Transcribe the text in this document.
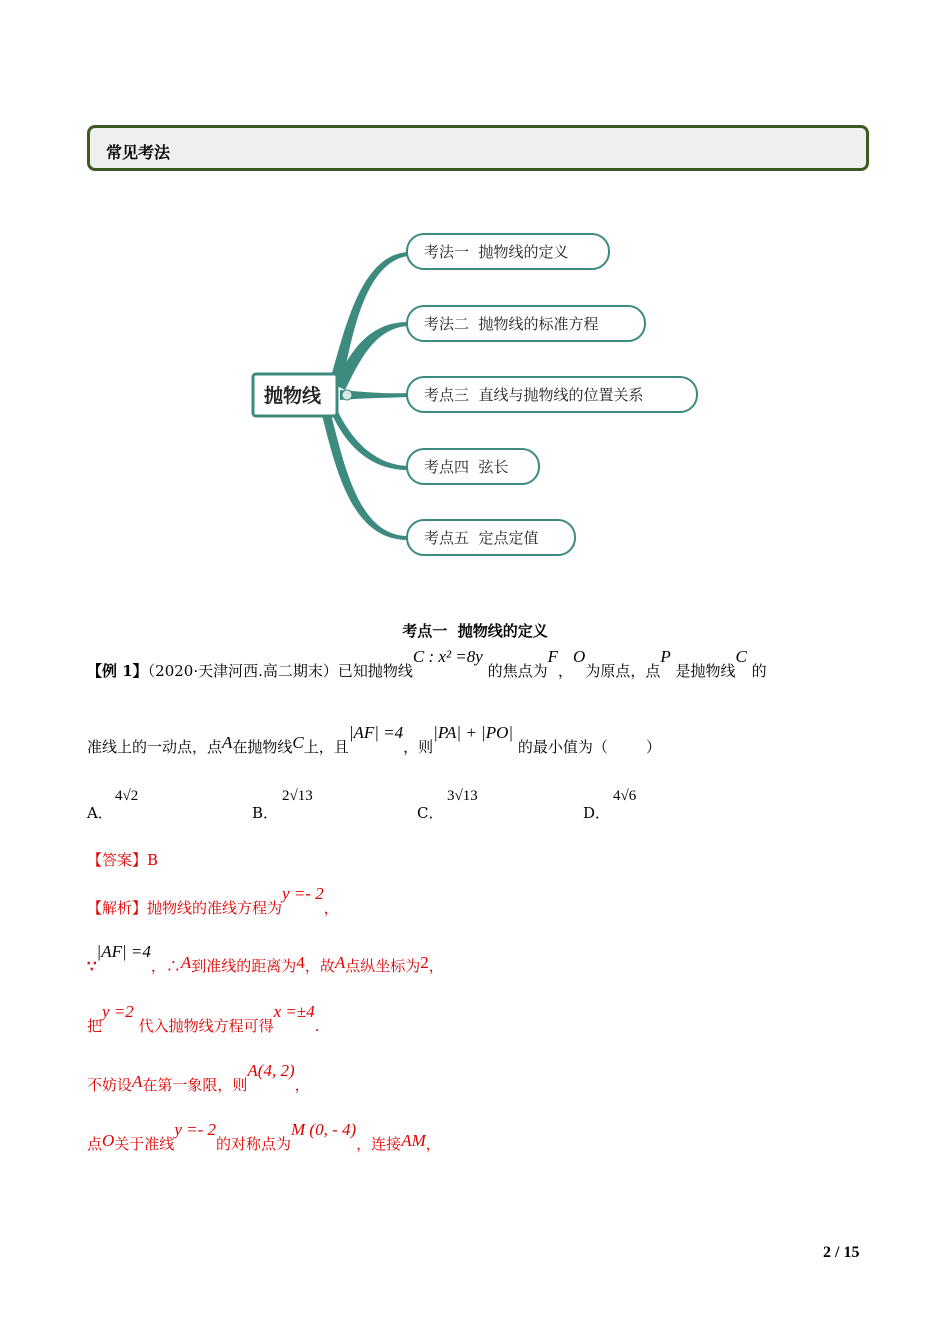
常见考法
抛物线
考法一  抛物线的定义
考法二  抛物线的标准方程
考点三  直线与抛物线的位置关系
考点四  弦长
考点五  定点定值
考点一  抛物线的定义
【例 1】（2020·天津河西.高二期末）已知抛物线C : x² =8y 的焦点为F，O为原点，点P 是抛物线C 的
准线上的一动点，点A在抛物线C上，且|AF| =4，则|PA| + |PO| 的最小值为（        ）
A．
4√2
B．
2√13
C．
3√13
D．
4√6
【答案】B
【解析】抛物线的准线方程为y =- 2，
∵|AF| =4，∴A到准线的距离为4，故A点纵坐标为2，
把y =2 代入抛物线方程可得x =±4.
不妨设A在第一象限，则A(4, 2)，
点O关于准线y =- 2的对称点为M (0, - 4)，连接AM，
2 / 15
